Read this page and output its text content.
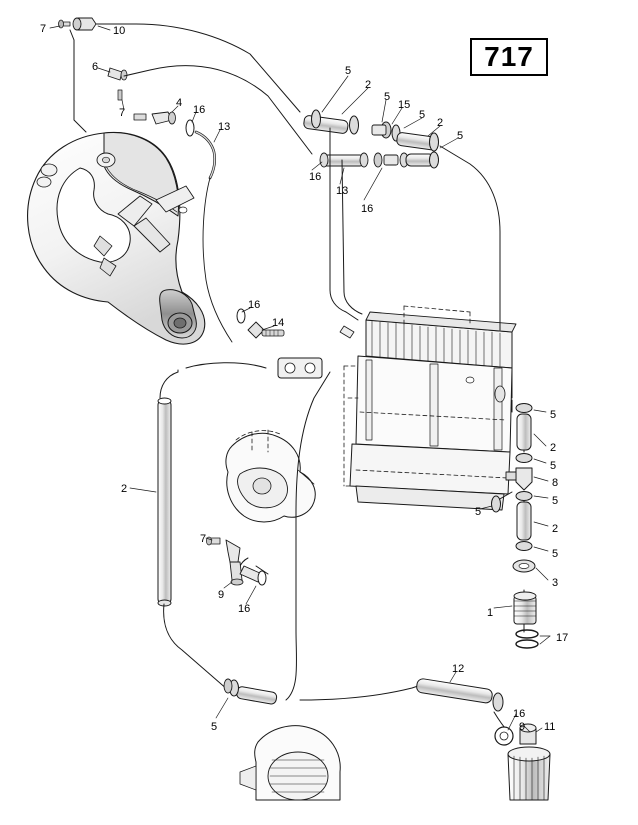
717
7	10
6	5
2
5
15
5
2
7
4
16
13
5
16
13
16
16
14
5
2
5
8
5
5
2
5
3
1
17
2
7
9
16
12
5
16
9 11
